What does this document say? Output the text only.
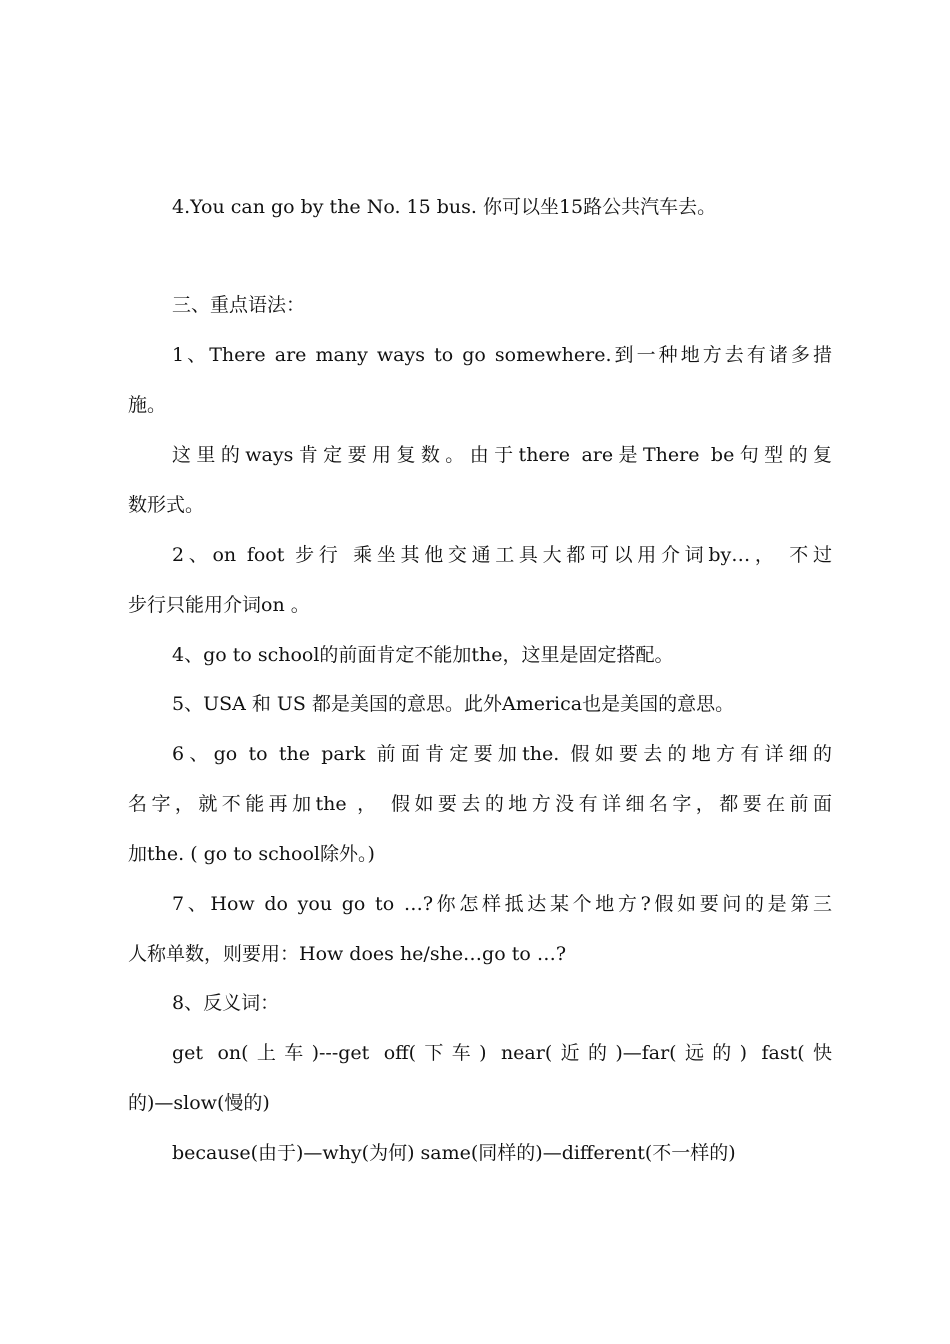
4.You can go by the No. 15 bus. 你可以坐15路公共汽车去。
三、重点语法：
1、There are many ways to go somewhere.到一种地方去有诸多措
施。
这里的ways肯定要用复数。由于there are是There be句型的复
数形式。
2、on foot 步行 乘坐其他交通工具大都可以用介词by…， 不过
步行只能用介词on 。
4、go to school的前面肯定不能加the，这里是固定搭配。
5、USA 和 US 都是美国的意思。此外America也是美国的意思。
6、go to the park 前面肯定要加the. 假如要去的地方有详细的
名字，就不能再加the ， 假如要去的地方没有详细名字，都要在前面
加the. ( go to school除外。)
7、How do you go to …?你怎样抵达某个地方?假如要问的是第三
人称单数，则要用：How does he/she…go to …?
8、反义词：
get on(上车)---get off(下车) near(近的)—far(远的) fast(快
的)—slow(慢的)
because(由于)—why(为何) same(同样的)—different(不一样的)
